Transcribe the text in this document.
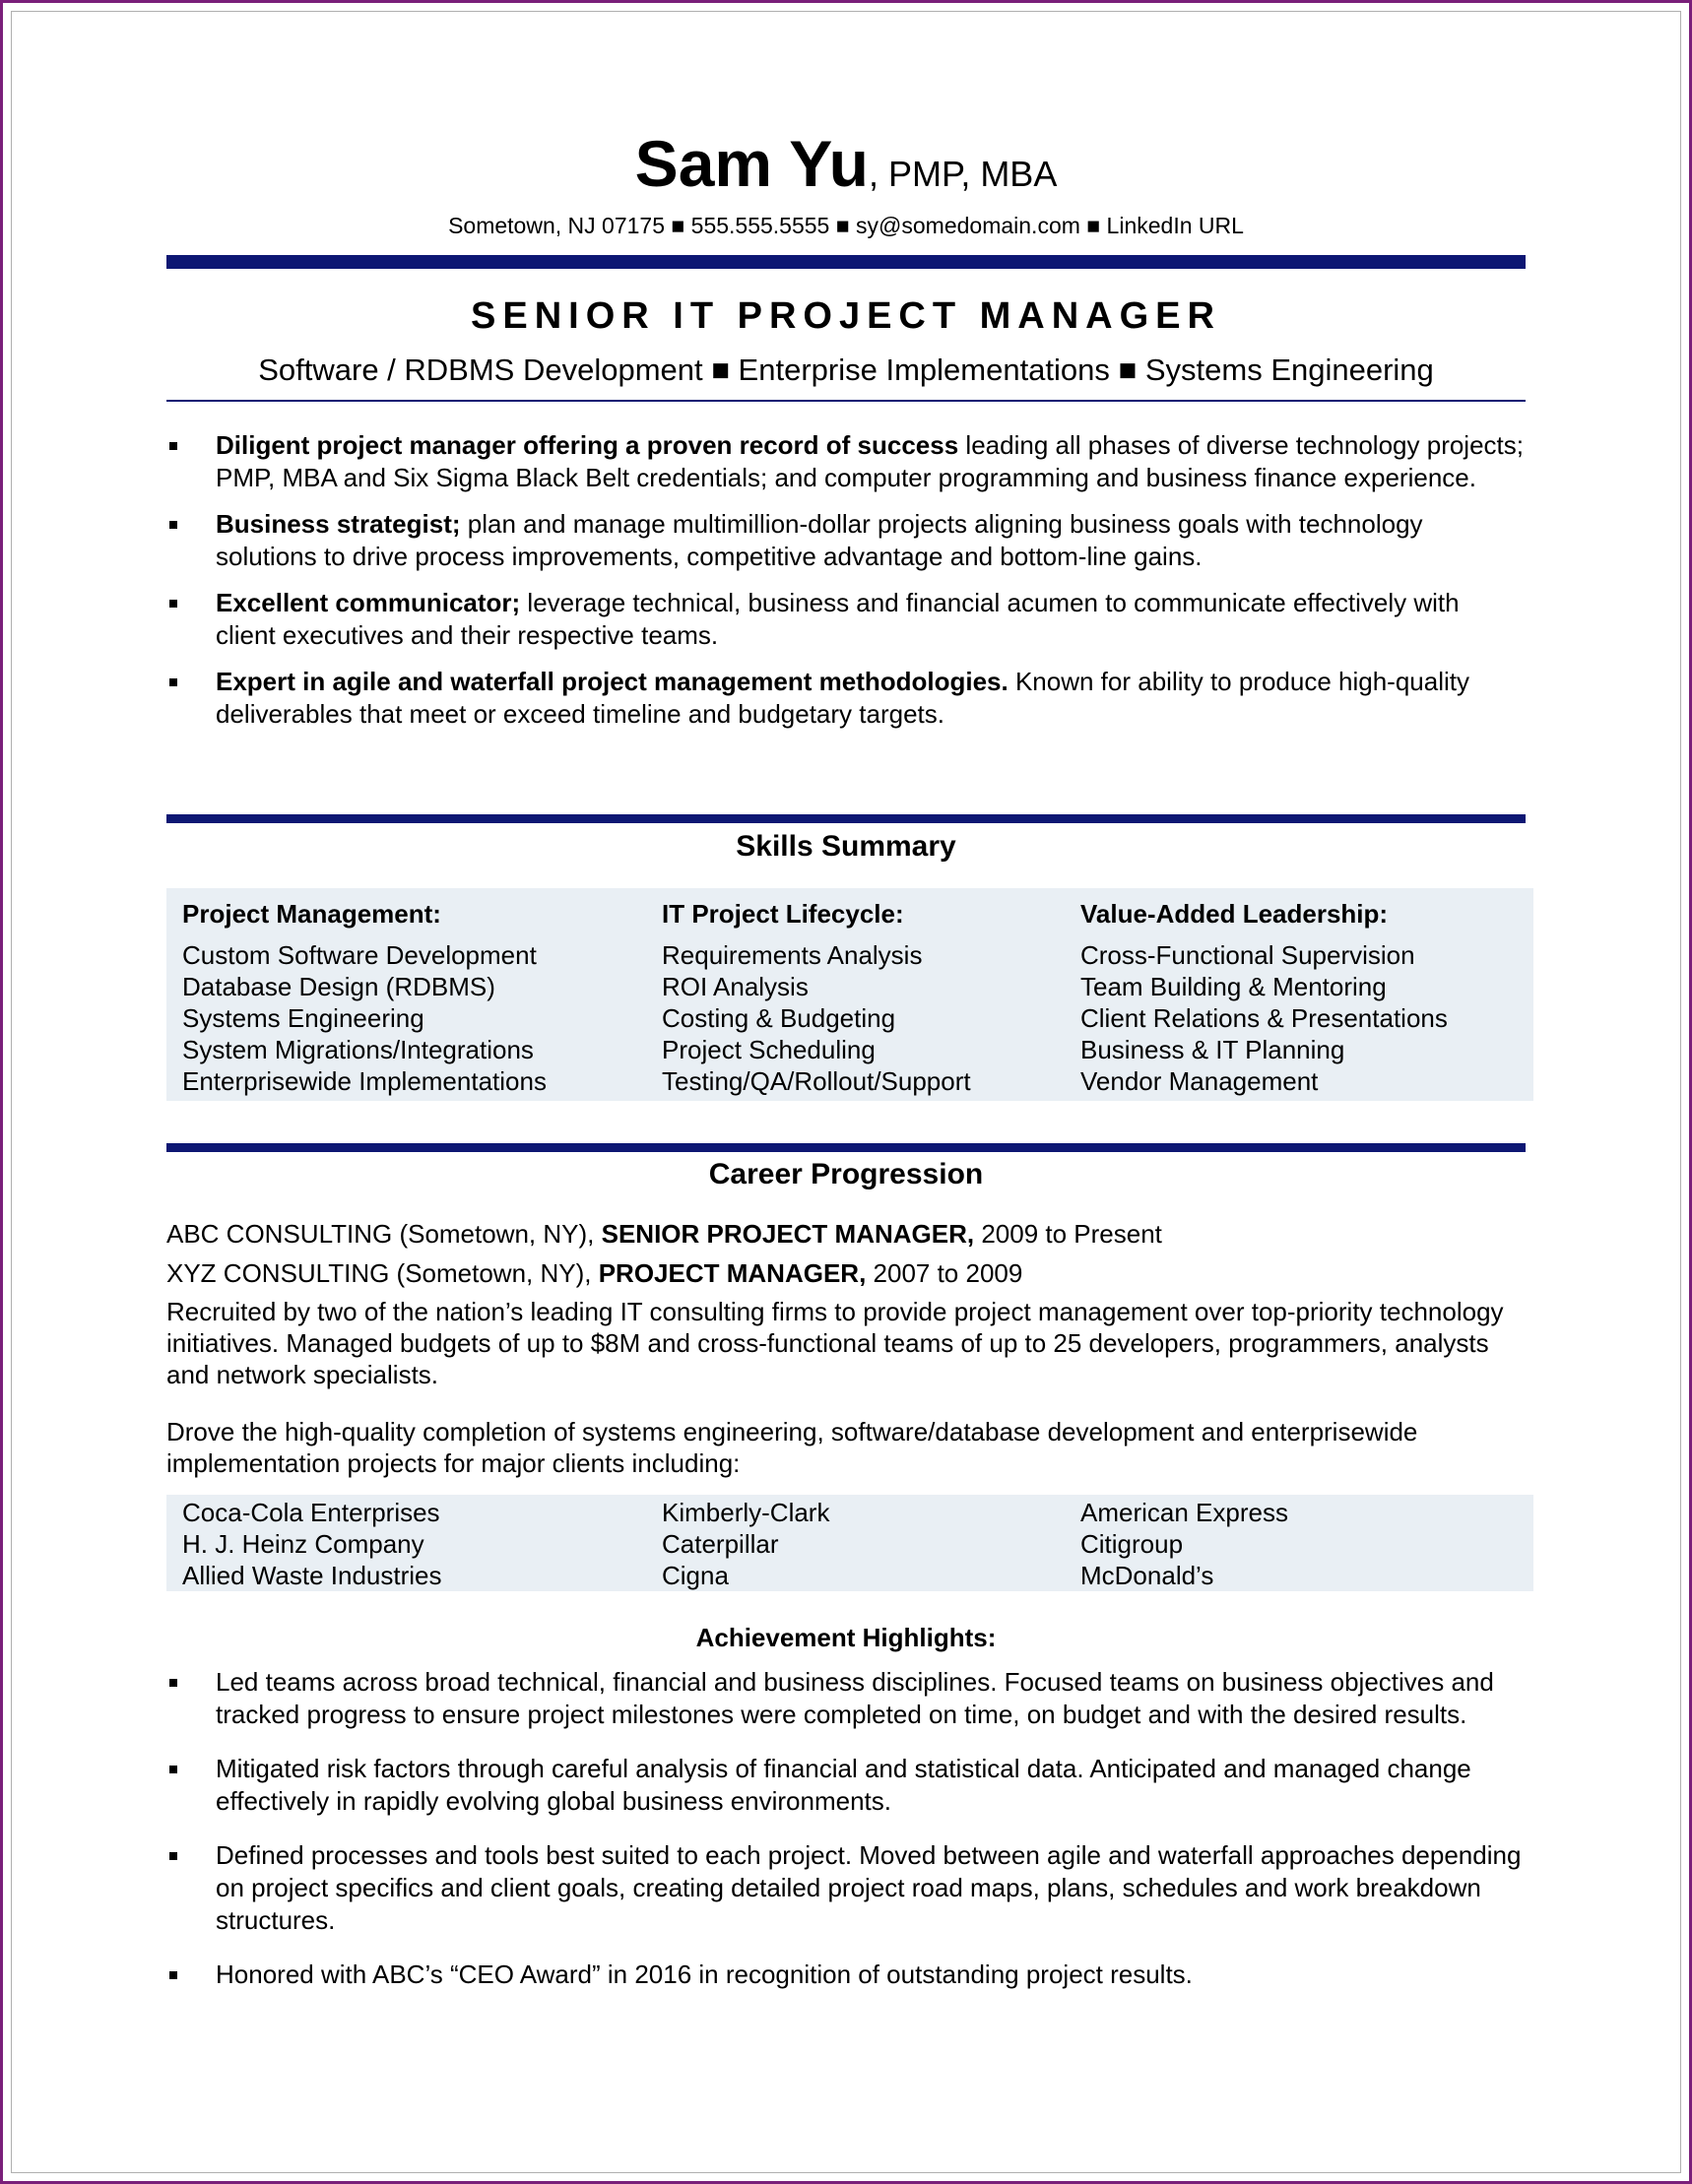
Sam Yu, PMP, MBA
Sometown, NJ 07175 ■ 555.555.5555 ■ sy@somedomain.com ■ LinkedIn URL
SENIOR IT PROJECT MANAGER
Software / RDBMS Development ■ Enterprise Implementations ■ Systems Engineering
Diligent project manager offering a proven record of success leading all phases of diverse technology projects; PMP, MBA and Six Sigma Black Belt credentials; and computer programming and business finance experience.
Business strategist; plan and manage multimillion-dollar projects aligning business goals with technology solutions to drive process improvements, competitive advantage and bottom-line gains.
Excellent communicator; leverage technical, business and financial acumen to communicate effectively with client executives and their respective teams.
Expert in agile and waterfall project management methodologies. Known for ability to produce high-quality deliverables that meet or exceed timeline and budgetary targets.
Skills Summary
Project Management:
Custom Software Development
Database Design (RDBMS)
Systems Engineering
System Migrations/Integrations
Enterprisewide Implementations
IT Project Lifecycle:
Requirements Analysis
ROI Analysis
Costing & Budgeting
Project Scheduling
Testing/QA/Rollout/Support
Value-Added Leadership:
Cross-Functional Supervision
Team Building & Mentoring
Client Relations & Presentations
Business & IT Planning
Vendor Management
Career Progression
ABC CONSULTING (Sometown, NY), SENIOR PROJECT MANAGER, 2009 to Present
XYZ CONSULTING (Sometown, NY), PROJECT MANAGER, 2007 to 2009
Recruited by two of the nation’s leading IT consulting firms to provide project management over top-priority technology initiatives. Managed budgets of up to $8M and cross-functional teams of up to 25 developers, programmers, analysts and network specialists.
Drove the high-quality completion of systems engineering, software/database development and enterprisewide implementation projects for major clients including:
Coca-Cola Enterprises
H. J. Heinz Company
Allied Waste Industries
Kimberly-Clark
Caterpillar
Cigna
American Express
Citigroup
McDonald’s
Achievement Highlights:
Led teams across broad technical, financial and business disciplines. Focused teams on business objectives and tracked progress to ensure project milestones were completed on time, on budget and with the desired results.
Mitigated risk factors through careful analysis of financial and statistical data. Anticipated and managed change effectively in rapidly evolving global business environments.
Defined processes and tools best suited to each project. Moved between agile and waterfall approaches depending on project specifics and client goals, creating detailed project road maps, plans, schedules and work breakdown structures.
Honored with ABC’s “CEO Award” in 2016 in recognition of outstanding project results.
